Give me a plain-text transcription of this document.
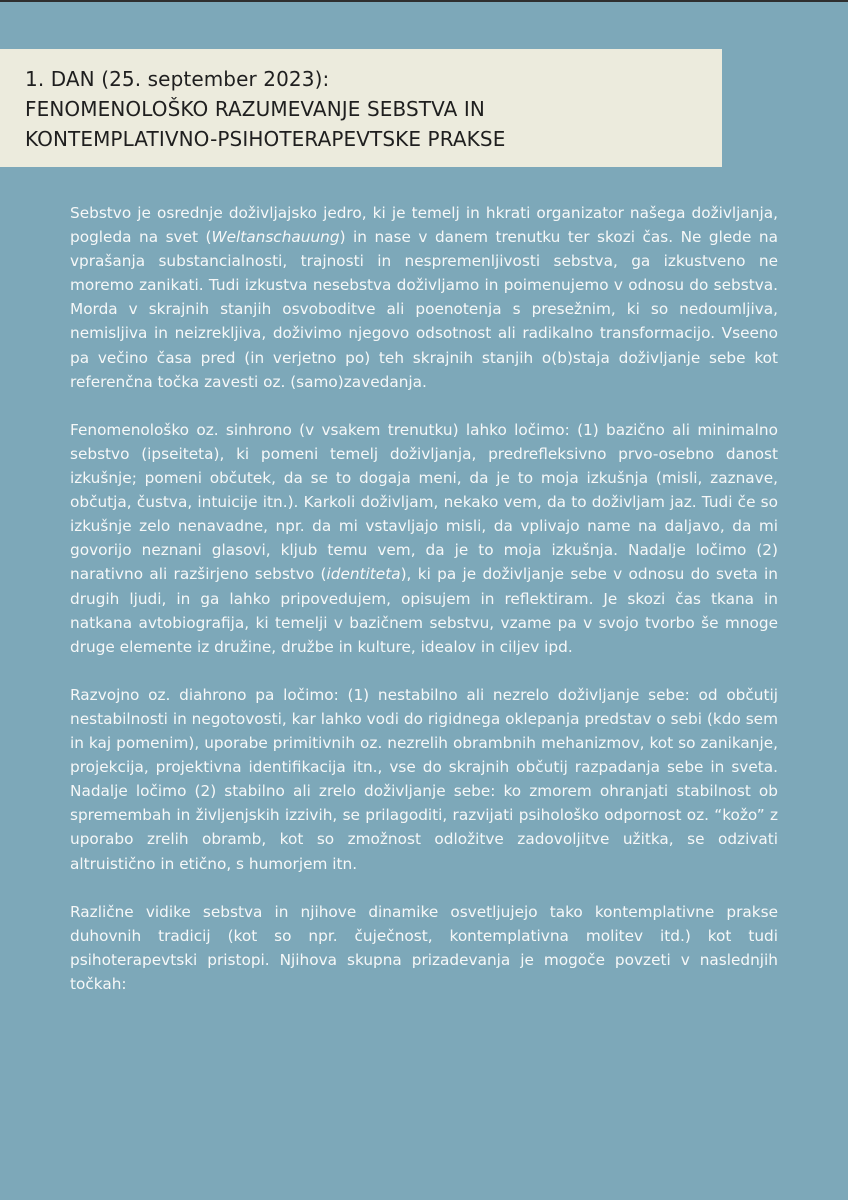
1. DAN (25. september 2023):
FENOMENOLOŠKO RAZUMEVANJE SEBSTVA IN
KONTEMPLATIVNO-PSIHOTERAPEVTSKE PRAKSE

Sebstvo je osrednje doživljajsko jedro, ki je temelj in hkrati organizator našega doživljanja, pogleda na svet (Weltanschauung) in nase v danem trenutku ter skozi čas. Ne glede na vprašanja substancialnosti, trajnosti in nespremenljivosti sebstva, ga izkustveno ne moremo zanikati. Tudi izkustva nesebstva doživljamo in poimenujemo v odnosu do sebstva. Morda v skrajnih stanjih osvoboditve ali poenotenja s presežnim, ki so nedoumljiva, nemisljiva in neizrekljiva, doživimo njegovo odsotnost ali radikalno transformacijo. Vseeno pa večino časa pred (in verjetno po) teh skrajnih stanjih o(b)staja doživljanje sebe kot referenčna točka zavesti oz. (samo)zavedanja.

Fenomenološko oz. sinhrono (v vsakem trenutku) lahko ločimo: (1) bazično ali minimalno sebstvo (ipseiteta), ki pomeni temelj doživljanja, predrefleksivno prvo-osebno danost izkušnje; pomeni občutek, da se to dogaja meni, da je to moja izkušnja (misli, zaznave, občutja, čustva, intuicije itn.). Karkoli doživljam, nekako vem, da to doživljam jaz. Tudi če so izkušnje zelo nenavadne, npr. da mi vstavljajo misli, da vplivajo name na daljavo, da mi govorijo neznani glasovi, kljub temu vem, da je to moja izkušnja. Nadalje ločimo (2) narativno ali razširjeno sebstvo (identiteta), ki pa je doživljanje sebe v odnosu do sveta in drugih ljudi, in ga lahko pripovedujem, opisujem in reflektiram. Je skozi čas tkana in natkana avtobiografija, ki temelji v bazičnem sebstvu, vzame pa v svojo tvorbo še mnoge druge elemente iz družine, družbe in kulture, idealov in ciljev ipd.

Razvojno oz. diahrono pa ločimo: (1) nestabilno ali nezrelo doživljanje sebe: od občutij nestabilnosti in negotovosti, kar lahko vodi do rigidnega oklepanja predstav o sebi (kdo sem in kaj pomenim), uporabe primitivnih oz. nezrelih obrambnih mehanizmov, kot so zanikanje, projekcija, projektivna identifikacija itn., vse do skrajnih občutij razpadanja sebe in sveta. Nadalje ločimo (2) stabilno ali zrelo doživljanje sebe: ko zmorem ohranjati stabilnost ob spremembah in življenjskih izzivih, se prilagoditi, razvijati psihološko odpornost oz. “kožo” z uporabo zrelih obramb, kot so zmožnost odložitve zadovoljitve užitka, se odzivati altruistično in etično, s humorjem itn.

Različne vidike sebstva in njihove dinamike osvetljujejo tako kontemplativne prakse duhovnih tradicij (kot so npr. čuječnost, kontemplativna molitev itd.) kot tudi psihoterapevtski pristopi. Njihova skupna prizadevanja je mogoče povzeti v naslednjih točkah:
